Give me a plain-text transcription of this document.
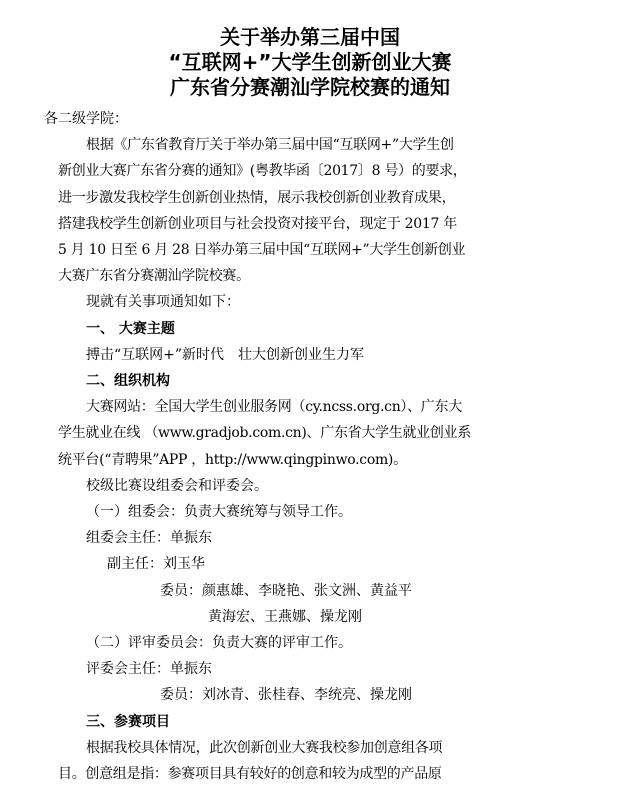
关于举办第三届中国
“互联网+”大学生创新创业大赛
广东省分赛潮汕学院校赛的通知
各二级学院：
根据《广东省教育厅关于举办第三届中国“互联网+”大学生创
新创业大赛广东省分赛的通知》(粤教毕函〔2017〕8 号）的要求，
进一步激发我校学生创新创业热情，展示我校创新创业教育成果，
搭建我校学生创新创业项目与社会投资对接平台，现定于 2017 年
5 月 10 日至 6 月 28 日举办第三届中国“互联网+”大学生创新创业
大赛广东省分赛潮汕学院校赛。
现就有关事项通知如下：
一、 大赛主题
搏击“互联网+”新时代　壮大创新创业生力军
二、组织机构
大赛网站：全国大学生创业服务网（cy.ncss.org.cn）、广东大
学生就业在线 （www.gradjob.com.cn)、广东省大学生就业创业系
统平台(“青聘果”APP ，http://www.qingpinwo.com)。
校级比赛设组委会和评委会。
（一）组委会：负责大赛统筹与领导工作。
组委会主任：单振东
副主任：刘玉华
委员：颜惠雄、李晓艳、张文洲、黄益平
黄海宏、王燕娜、操龙刚
（二）评审委员会：负责大赛的评审工作。
评委会主任：单振东
委员：刘冰青、张桂春、李统亮、操龙刚
三、参赛项目
根据我校具体情况，此次创新创业大赛我校参加创意组各项
目。创意组是指：参赛项目具有较好的创意和较为成型的产品原
